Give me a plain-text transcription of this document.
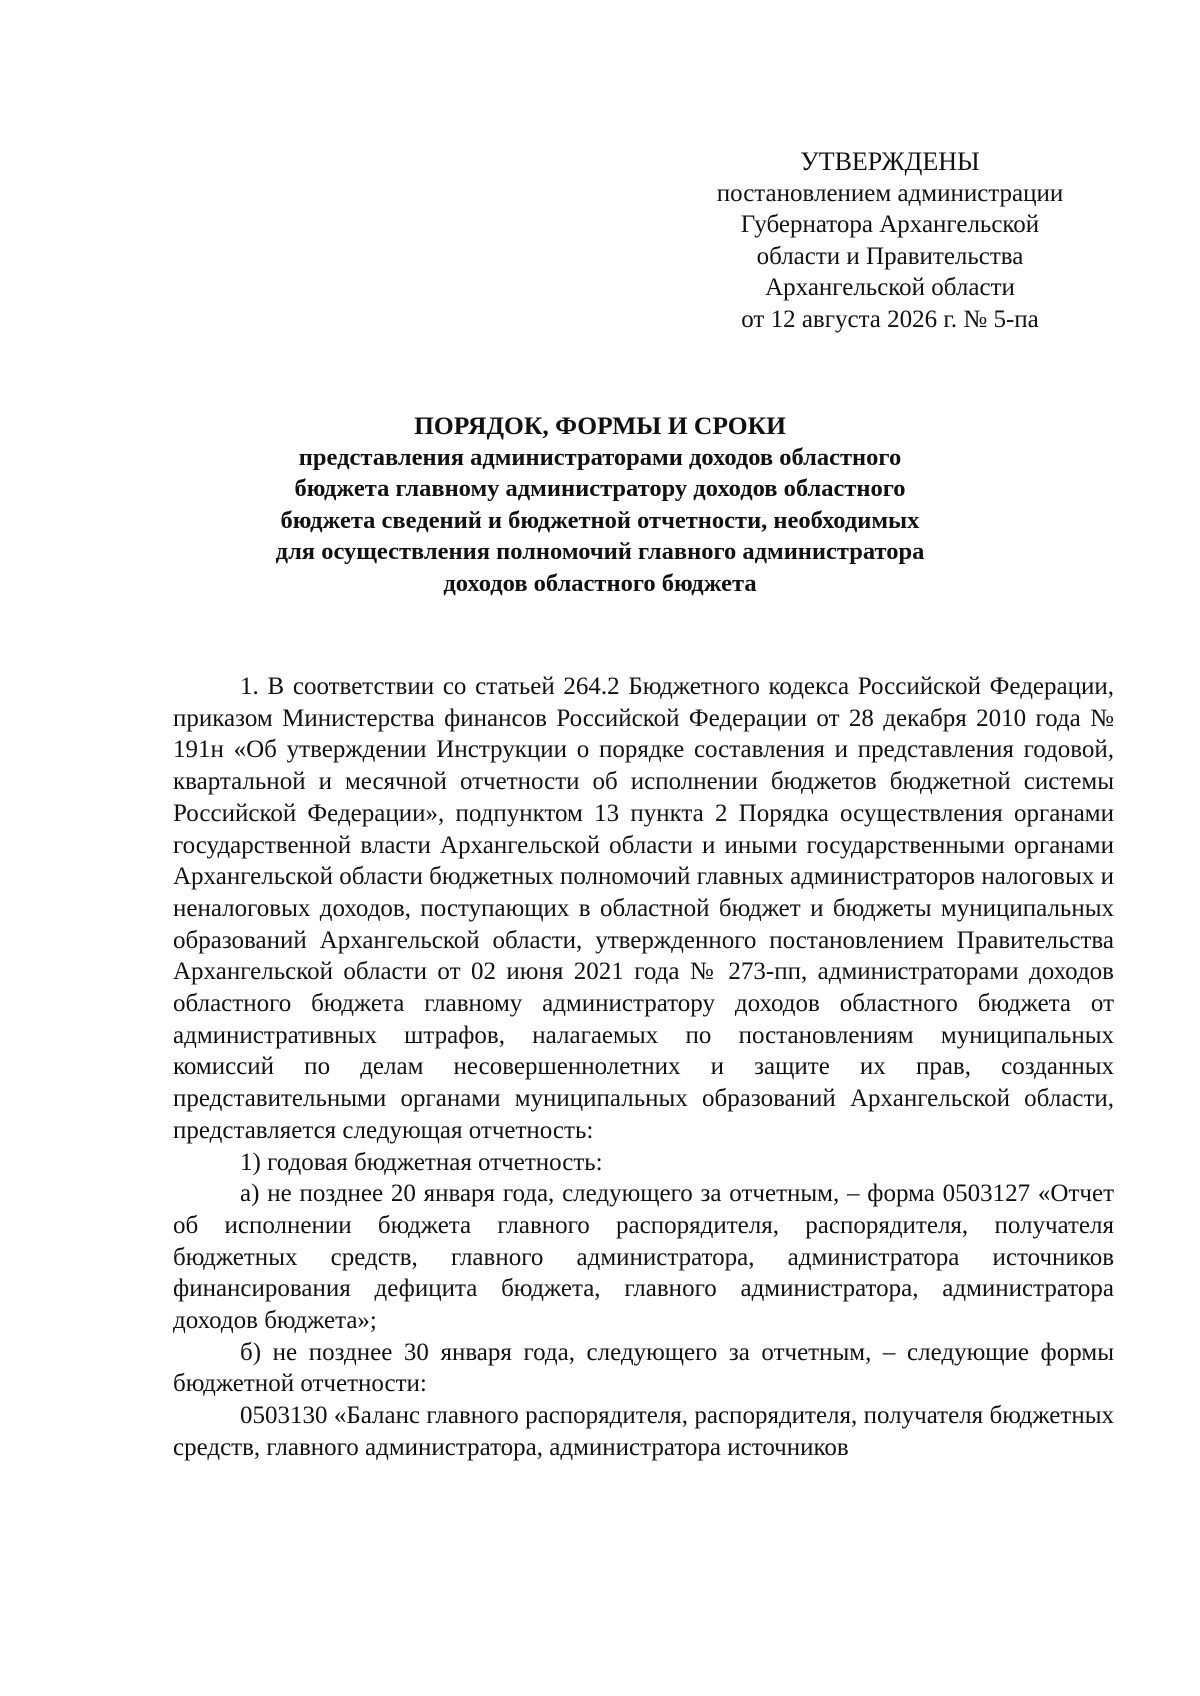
УТВЕРЖДЕНЫ
постановлением администрации
Губернатора Архангельской
области и Правительства
Архангельской области
от 12 августа 2026 г. № 5-па
ПОРЯДОК, ФОРМЫ И СРОКИ
представления администраторами доходов областного
бюджета главному администратору доходов областного
бюджета сведений и бюджетной отчетности, необходимых
для осуществления полномочий главного администратора
доходов областного бюджета

1. В соответствии со статьей 264.2 Бюджетного кодекса Российской Федерации, приказом Министерства финансов Российской Федерации от 28 декабря 2010 года № 191н «Об утверждении Инструкции о порядке составления и представления годовой, квартальной и месячной отчетности об исполнении бюджетов бюджетной системы Российской Федерации», подпунктом 13 пункта 2 Порядка осуществления органами государственной власти Архангельской области и иными государственными органами Архангельской области бюджетных полномочий главных администраторов налоговых и неналоговых доходов, поступающих в областной бюджет и бюджеты муниципальных образований Архангельской области, утвержденного постановлением Правительства Архангельской области от 02 июня 2021 года № 273-пп, администраторами доходов областного бюджета главному администратору доходов областного бюджета от административных штрафов, налагаемых по постановлениям муниципальных комиссий по делам несовершеннолетних и защите их прав, созданных представительными органами муниципальных образований Архангельской области, представляется следующая отчетность:

1) годовая бюджетная отчетность:

а) не позднее 20 января года, следующего за отчетным, – форма 0503127 «Отчет об исполнении бюджета главного распорядителя, распорядителя, получателя бюджетных средств, главного администратора, администратора источников финансирования дефицита бюджета, главного администратора, администратора доходов бюджета»;

б) не позднее 30 января года, следующего за отчетным, – следующие формы бюджетной отчетности:

0503130 «Баланс главного распорядителя, распорядителя, получателя бюджетных средств, главного администратора, администратора источников
